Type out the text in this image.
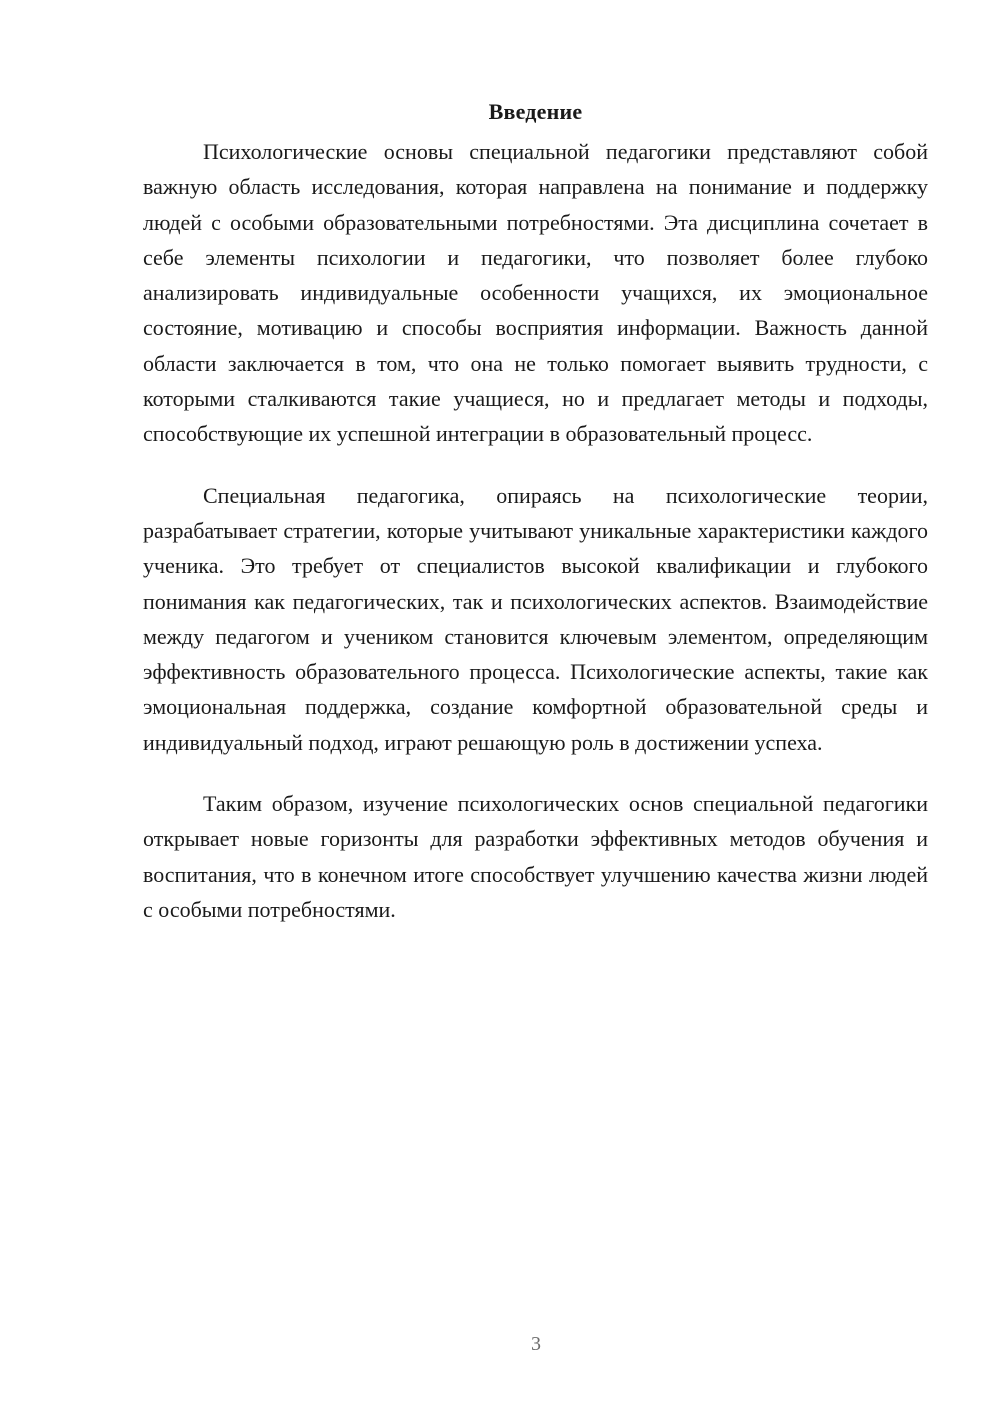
Введение

Психологические основы специальной педагогики представляют собой важную область исследования, которая направлена на понимание и поддержку людей с особыми образовательными потребностями. Эта дисциплина сочетает в себе элементы психологии и педагогики, что позволяет более глубоко анализировать индивидуальные особенности учащихся, их эмоциональное состояние, мотивацию и способы восприятия информации. Важность данной области заключается в том, что она не только помогает выявить трудности, с которыми сталкиваются такие учащиеся, но и предлагает методы и подходы, способствующие их успешной интеграции в образовательный процесс.

Специальная педагогика, опираясь на психологические теории, разрабатывает стратегии, которые учитывают уникальные характеристики каждого ученика. Это требует от специалистов высокой квалификации и глубокого понимания как педагогических, так и психологических аспектов. Взаимодействие между педагогом и учеником становится ключевым элементом, определяющим эффективность образовательного процесса. Психологические аспекты, такие как эмоциональная поддержка, создание комфортной образовательной среды и индивидуальный подход, играют решающую роль в достижении успеха.

Таким образом, изучение психологических основ специальной педагогики открывает новые горизонты для разработки эффективных методов обучения и воспитания, что в конечном итоге способствует улучшению качества жизни людей с особыми потребностями.

3
